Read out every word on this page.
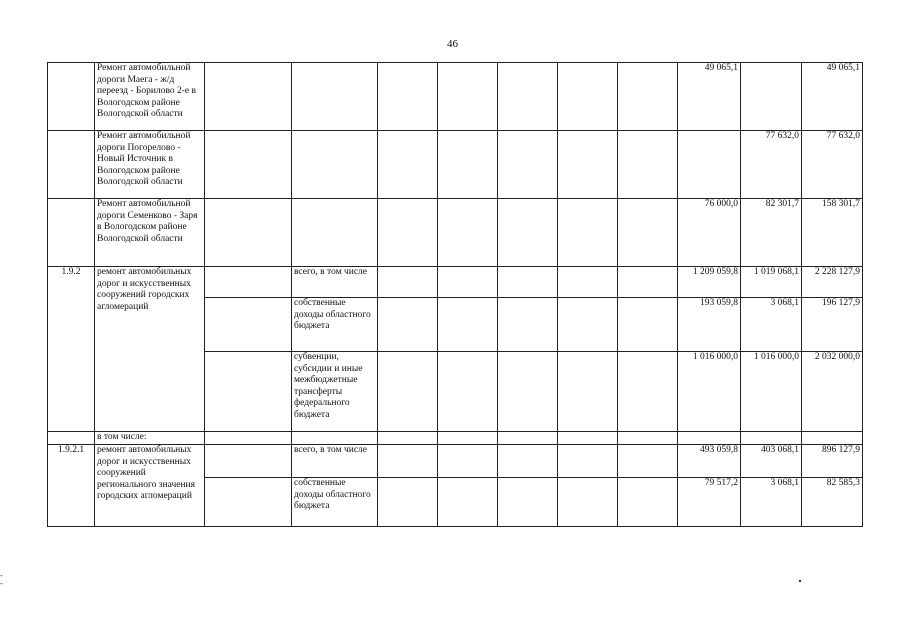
46
	Ремонт автомобильной дороги Маега - ж/д переезд - Борилово 2-е в Вологодском районе Вологодской области								49 065,1		49 065,1
	Ремонт автомобильной дороги Погорелово - Новый Источник в Вологодском районе Вологодской области									77 632,0	77 632,0
	Ремонт автомобильной дороги Семенково - Заря в Вологодском районе Вологодской области								76 000,0	82 301,7	158 301,7
1.9.2	ремонт автомобильных дорог и искусственных сооружений городских агломераций		всего, в том числе						1 209 059,8	1 019 068,1	2 228 127,9
			собственные доходы областного бюджета						193 059,8	3 068,1	196 127,9
			субвенции, субсидии и иные межбюджетные трансферты федерального бюджета						1 016 000,0	1 016 000,0	2 032 000,0
	в том числе:										
1.9.2.1	ремонт автомобильных дорог и искусственных сооружений регионального значения городских агломераций		всего, в том числе						493 059,8	403 068,1	896 127,9
			собственные доходы областного бюджета						79 517,2	3 068,1	82 585,3
-
-
